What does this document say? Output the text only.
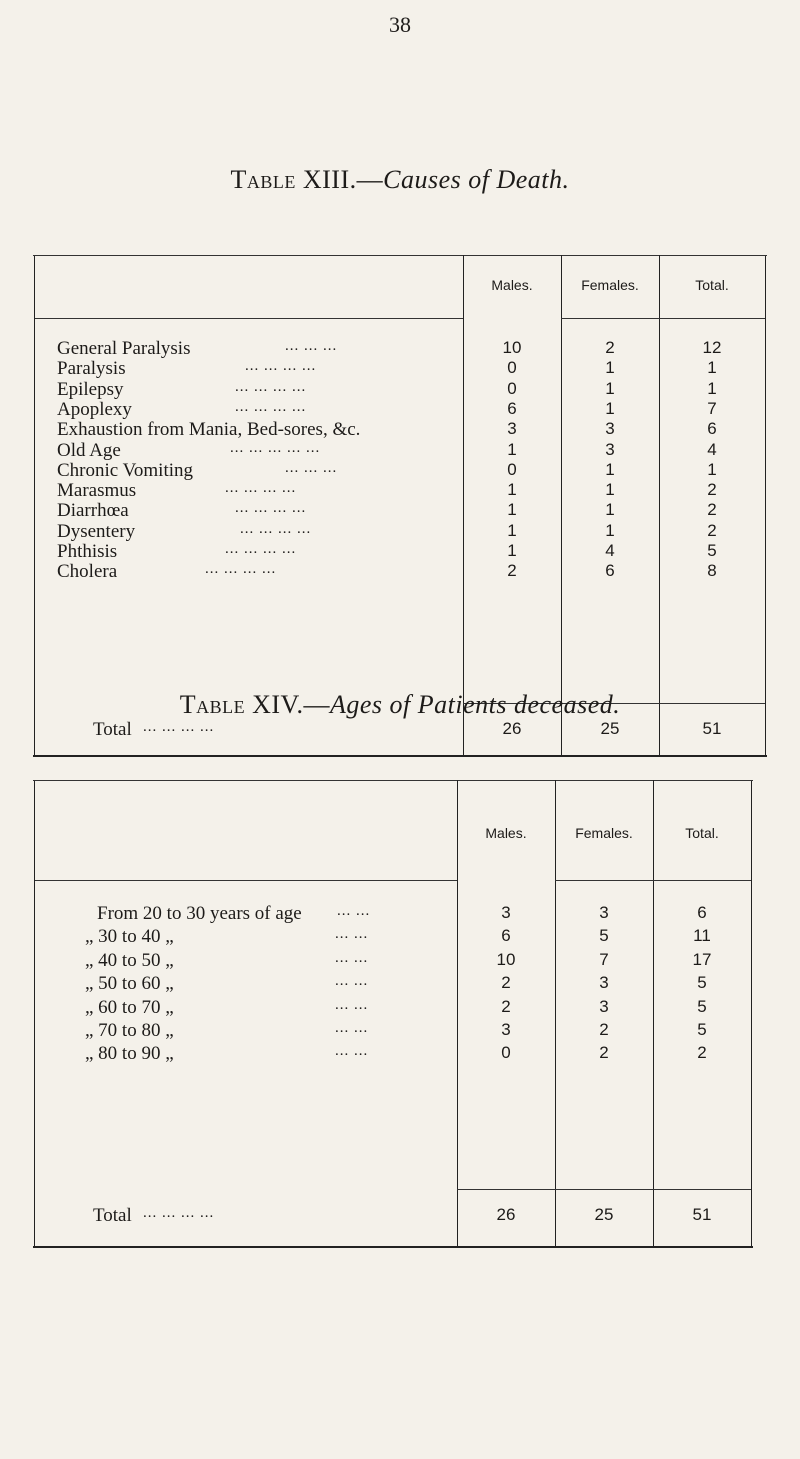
38
Table XIII.—Causes of Death.
Males.	Females.	Total.
General Paralysis	... ... ...	10	2	12
Paralysis	... ... ... ...	0	1	1
Epilepsy	... ... ... ...	0	1	1
Apoplexy	... ... ... ...	6	1	7
Exhaustion from Mania, Bed-sores, &c.	3	3	6
Old Age	... ... ... ... ...	1	3	4
Chronic Vomiting	... ... ...	0	1	1
Marasmus	... ... ... ...	1	1	2
Diarrhœa	... ... ... ...	1	1	2
Dysentery	... ... ... ...	1	1	2
Phthisis	... ... ... ...	1	4	5
Cholera	... ... ... ...	2	6	8
Total ... ... ... ...	26	25	51
Table XIV.—Ages of Patients deceased.
Males.	Females.	Total.
From 20 to 30 years of age ... ...	3	3	6
„ 30 to 40 „	... ...	6	5	11
„ 40 to 50 „	... ...	10	7	17
„ 50 to 60 „	... ...	2	3	5
„ 60 to 70 „	... ...	2	3	5
„ 70 to 80 „	... ...	3	2	5
„ 80 to 90 „	... ...	0	2	2
Total ... ... ... ...	26	25	51
